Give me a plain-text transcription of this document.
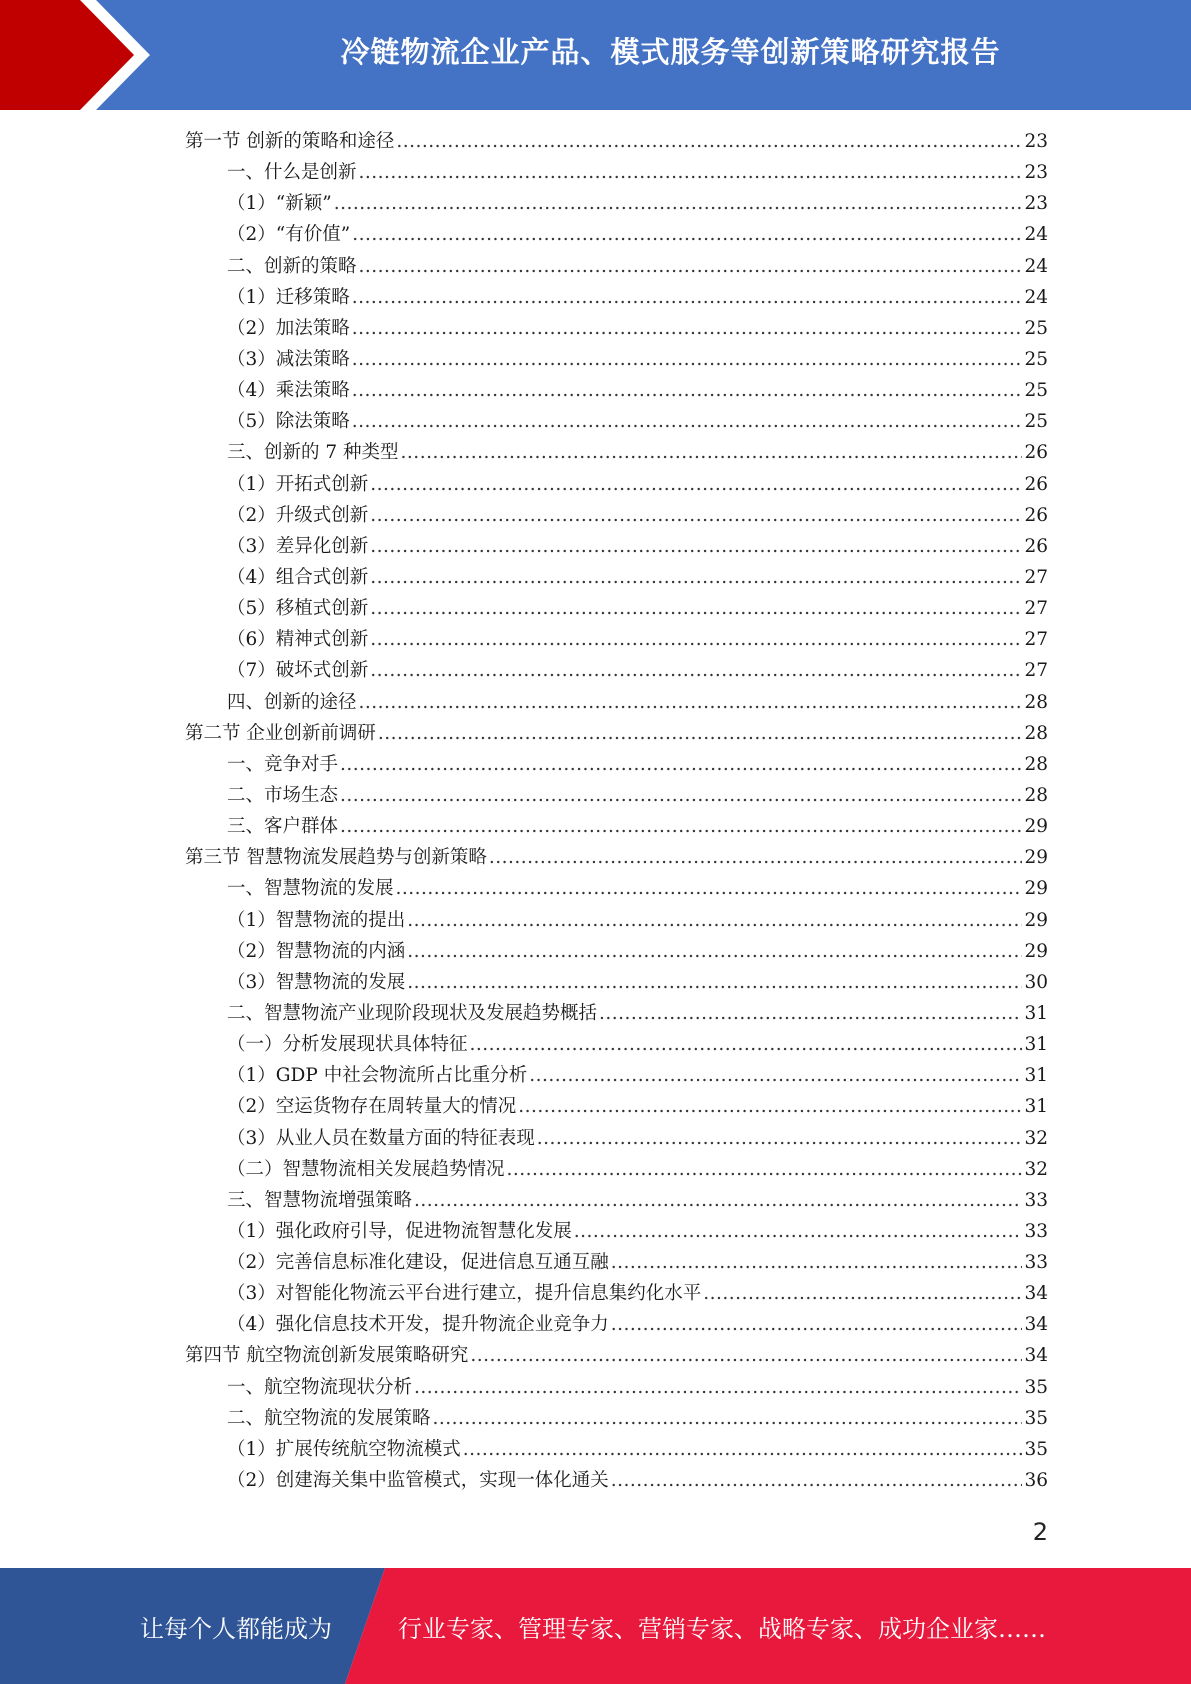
冷链物流企业产品、模式服务等创新策略研究报告
第一节 创新的策略和途径 .....	23
一、什么是创新 .....	23
（1）“新颖” .....	23
（2）“有价值” .....	24
二、创新的策略 .....	24
（1）迁移策略 .....	24
（2）加法策略 .....	25
（3）减法策略 .....	25
（4）乘法策略 .....	25
（5）除法策略 .....	25
三、创新的 7 种类型 .....	26
（1）开拓式创新 .....	26
（2）升级式创新 .....	26
（3）差异化创新 .....	26
（4）组合式创新 .....	27
（5）移植式创新 .....	27
（6）精神式创新 .....	27
（7）破坏式创新 .....	27
四、创新的途径 .....	28
第二节 企业创新前调研 .....	28
一、竞争对手 .....	28
二、市场生态 .....	28
三、客户群体 .....	29
第三节 智慧物流发展趋势与创新策略 .....	29
一、智慧物流的发展 .....	29
（1）智慧物流的提出 .....	29
（2）智慧物流的内涵 .....	29
（3）智慧物流的发展 .....	30
二、智慧物流产业现阶段现状及发展趋势概括 .....	31
（一）分析发展现状具体特征 .....	31
（1）GDP 中社会物流所占比重分析 .....	31
（2）空运货物存在周转量大的情况 .....	31
（3）从业人员在数量方面的特征表现 .....	32
（二）智慧物流相关发展趋势情况 .....	32
三、智慧物流增强策略 .....	33
（1）强化政府引导，促进物流智慧化发展 .....	33
（2）完善信息标准化建设，促进信息互通互融 .....	33
（3）对智能化物流云平台进行建立，提升信息集约化水平 .....	34
（4）强化信息技术开发，提升物流企业竞争力 .....	34
第四节 航空物流创新发展策略研究 .....	34
一、航空物流现状分析 .....	35
二、航空物流的发展策略 .....	35
（1）扩展传统航空物流模式 .....	35
（2）创建海关集中监管模式，实现一体化通关 .....	36
2
让每个人都能成为	行业专家、管理专家、营销专家、战略专家、成功企业家……
